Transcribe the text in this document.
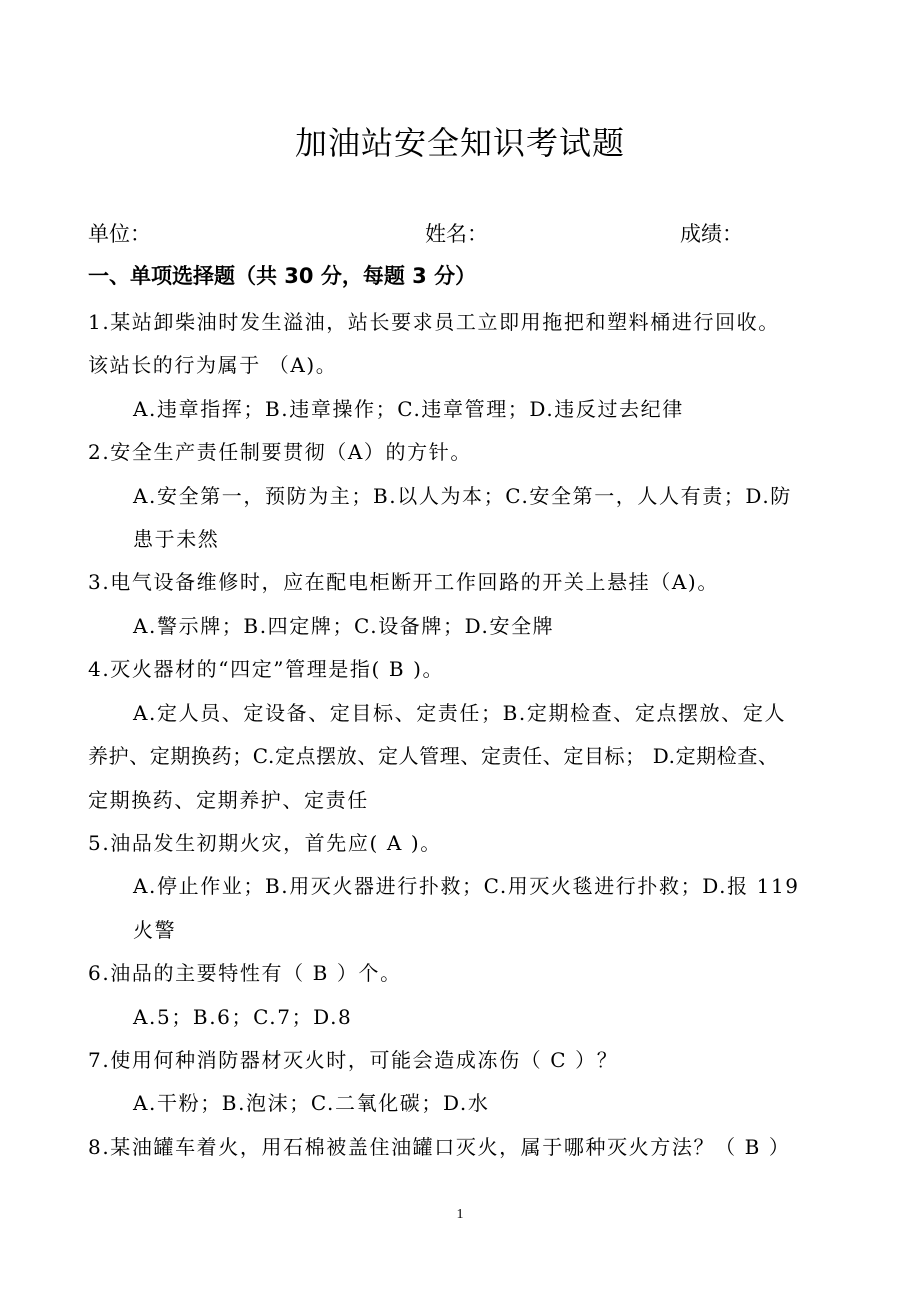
加油站安全知识考试题
单位：	姓名：	成绩：
一、单项选择题（共 30 分，每题 3 分）
1.某站卸柴油时发生溢油，站长要求员工立即用拖把和塑料桶进行回收。
该站长的行为属于 （A)。
A.违章指挥；B.违章操作；C.违章管理；D.违反过去纪律
2.安全生产责任制要贯彻（A）的方针。
A.安全第一，预防为主；B.以人为本；C.安全第一，人人有责；D.防
患于未然
3.电气设备维修时，应在配电柜断开工作回路的开关上悬挂（A)。
A.警示牌；B.四定牌；C.设备牌；D.安全牌
4.灭火器材的“四定”管理是指( B )。
A.定人员、定设备、定目标、定责任；B.定期检查、定点摆放、定人
养护、定期换药；C.定点摆放、定人管理、定责任、定目标； D.定期检查、
定期换药、定期养护、定责任
5.油品发生初期火灾，首先应( A )。
A.停止作业；B.用灭火器进行扑救；C.用灭火毯进行扑救；D.报 119
火警
6.油品的主要特性有（ B ）个。
A.5；B.6；C.7；D.8
7.使用何种消防器材灭火时，可能会造成冻伤（ C ）？
A.干粉；B.泡沫；C.二氧化碳；D.水
8.某油罐车着火，用石棉被盖住油罐口灭火，属于哪种灭火方法？（ B ）
1
